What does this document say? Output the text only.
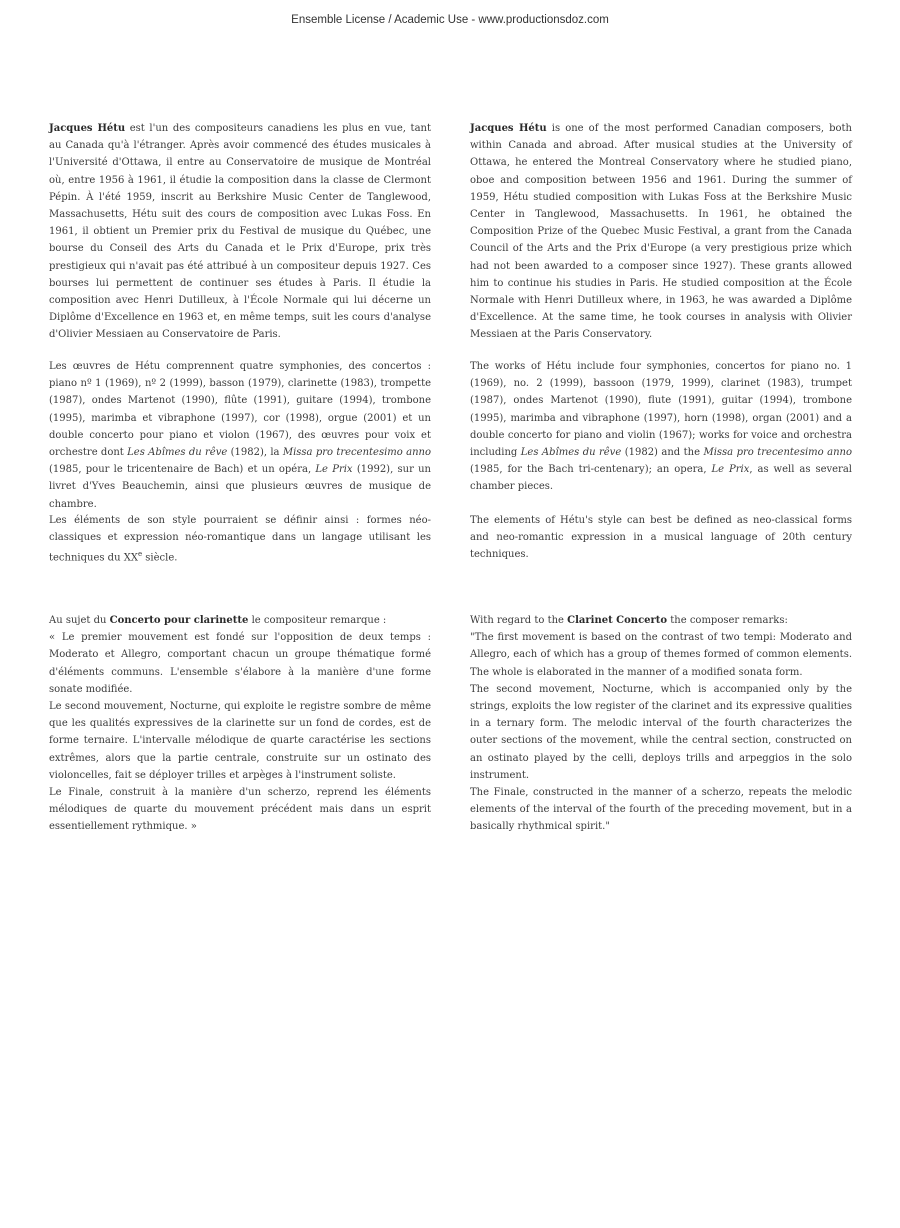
Ensemble License / Academic Use - www.productionsdoz.com

Jacques Hétu est l'un des compositeurs canadiens les plus en vue, tant au Canada qu'à l'étranger. Après avoir commencé des études musicales à l'Université d'Ottawa, il entre au Conservatoire de musique de Montréal où, entre 1956 à 1961, il étudie la composition dans la classe de Clermont Pépin. À l'été 1959, inscrit au Berkshire Music Center de Tanglewood, Massachusetts, Hétu suit des cours de composition avec Lukas Foss. En 1961, il obtient un Premier prix du Festival de musique du Québec, une bourse du Conseil des Arts du Canada et le Prix d'Europe, prix très prestigieux qui n'avait pas été attribué à un compositeur depuis 1927. Ces bourses lui permettent de continuer ses études à Paris. Il étudie la composition avec Henri Dutilleux, à l'École Normale qui lui décerne un Diplôme d'Excellence en 1963 et, en même temps, suit les cours d'analyse d'Olivier Messiaen au Conservatoire de Paris.

Les œuvres de Hétu comprennent quatre symphonies, des concertos : piano nº 1 (1969), nº 2 (1999), basson (1979), clarinette (1983), trompette (1987), ondes Martenot (1990), flûte (1991), guitare (1994), trombone (1995), marimba et vibraphone (1997), cor (1998), orgue (2001) et un double concerto pour piano et violon (1967), des œuvres pour voix et orchestre dont Les Abîmes du rêve (1982), la Missa pro trecentesimo anno (1985, pour le tricentenaire de Bach) et un opéra, Le Prix (1992), sur un livret d'Yves Beauchemin, ainsi que plusieurs œuvres de musique de chambre.

Les éléments de son style pourraient se définir ainsi : formes néo-classiques et expression néo-romantique dans un langage utilisant les techniques du XXe siècle.

Au sujet du Concerto pour clarinette le compositeur remarque :

« Le premier mouvement est fondé sur l'opposition de deux temps : Moderato et Allegro, comportant chacun un groupe thématique formé d'éléments communs. L'ensemble s'élabore à la manière d'une forme sonate modifiée.

Le second mouvement, Nocturne, qui exploite le registre sombre de même que les qualités expressives de la clarinette sur un fond de cordes, est de forme ternaire. L'intervalle mélodique de quarte caractérise les sections extrêmes, alors que la partie centrale, construite sur un ostinato des violoncelles, fait se déployer trilles et arpèges à l'instrument soliste.

Le Finale, construit à la manière d'un scherzo, reprend les éléments mélodiques de quarte du mouvement précédent mais dans un esprit essentiellement rythmique. »

Jacques Hétu is one of the most performed Canadian composers, both within Canada and abroad. After musical studies at the University of Ottawa, he entered the Montreal Conservatory where he studied piano, oboe and composition between 1956 and 1961. During the summer of 1959, Hétu studied composition with Lukas Foss at the Berkshire Music Center in Tanglewood, Massachusetts. In 1961, he obtained the Composition Prize of the Quebec Music Festival, a grant from the Canada Council of the Arts and the Prix d'Europe (a very prestigious prize which had not been awarded to a composer since 1927). These grants allowed him to continue his studies in Paris. He studied composition at the École Normale with Henri Dutilleux where, in 1963, he was awarded a Diplôme d'Excellence. At the same time, he took courses in analysis with Olivier Messiaen at the Paris Conservatory.

The works of Hétu include four symphonies, concertos for piano no. 1 (1969), no. 2 (1999), bassoon (1979, 1999), clarinet (1983), trumpet (1987), ondes Martenot (1990), flute (1991), guitar (1994), trombone (1995), marimba and vibraphone (1997), horn (1998), organ (2001) and a double concerto for piano and violin (1967); works for voice and orchestra including Les Abîmes du rêve (1982) and the Missa pro trecentesimo anno (1985, for the Bach tri-centenary); an opera, Le Prix, as well as several chamber pieces.

The elements of Hétu's style can best be defined as neo-classical forms and neo-romantic expression in a musical language of 20th century techniques.

With regard to the Clarinet Concerto the composer remarks:

"The first movement is based on the contrast of two tempi: Moderato and Allegro, each of which has a group of themes formed of common elements. The whole is elaborated in the manner of a modified sonata form.

The second movement, Nocturne, which is accompanied only by the strings, exploits the low register of the clarinet and its expressive qualities in a ternary form. The melodic interval of the fourth characterizes the outer sections of the movement, while the central section, constructed on an ostinato played by the celli, deploys trills and arpeggios in the solo instrument.

The Finale, constructed in the manner of a scherzo, repeats the melodic elements of the interval of the fourth of the preceding movement, but in a basically rhythmical spirit."
